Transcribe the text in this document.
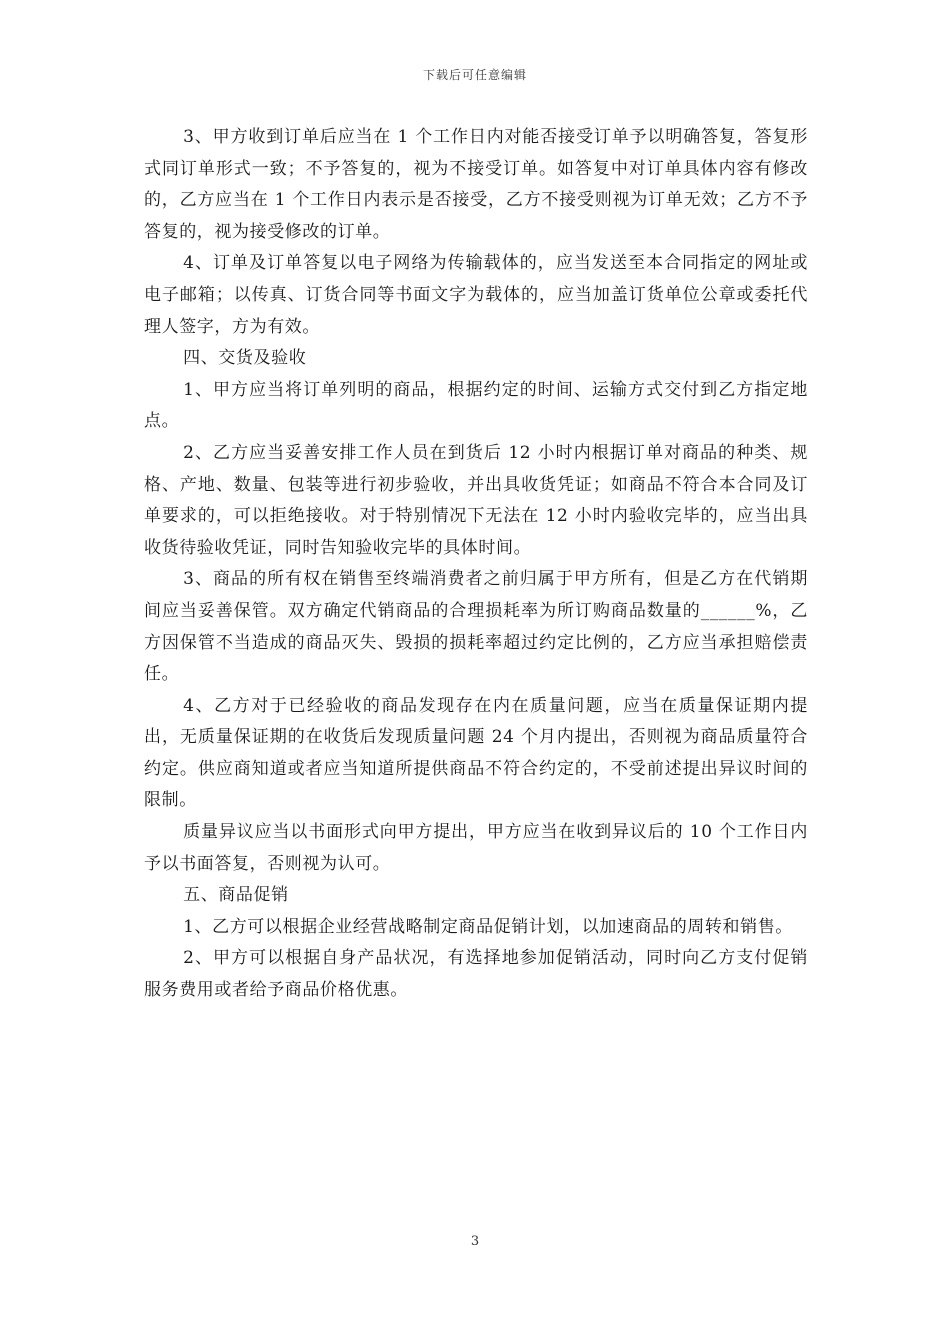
下载后可任意编辑

3、甲方收到订单后应当在 1 个工作日内对能否接受订单予以明确答复，答复形式同订单形式一致；不予答复的，视为不接受订单。如答复中对订单具体内容有修改的，乙方应当在 1 个工作日内表示是否接受，乙方不接受则视为订单无效；乙方不予答复的，视为接受修改的订单。

4、订单及订单答复以电子网络为传输载体的，应当发送至本合同指定的网址或电子邮箱；以传真、订货合同等书面文字为载体的，应当加盖订货单位公章或委托代理人签字，方为有效。

四、交货及验收

1、甲方应当将订单列明的商品，根据约定的时间、运输方式交付到乙方指定地点。

2、乙方应当妥善安排工作人员在到货后 12 小时内根据订单对商品的种类、规格、产地、数量、包装等进行初步验收，并出具收货凭证；如商品不符合本合同及订单要求的，可以拒绝接收。对于特别情况下无法在 12 小时内验收完毕的，应当出具收货待验收凭证，同时告知验收完毕的具体时间。

3、商品的所有权在销售至终端消费者之前归属于甲方所有，但是乙方在代销期间应当妥善保管。双方确定代销商品的合理损耗率为所订购商品数量的______%，乙方因保管不当造成的商品灭失、毁损的损耗率超过约定比例的，乙方应当承担赔偿责任。

4、乙方对于已经验收的商品发现存在内在质量问题，应当在质量保证期内提出，无质量保证期的在收货后发现质量问题 24 个月内提出，否则视为商品质量符合约定。供应商知道或者应当知道所提供商品不符合约定的，不受前述提出异议时间的限制。

质量异议应当以书面形式向甲方提出，甲方应当在收到异议后的 10 个工作日内予以书面答复，否则视为认可。

五、商品促销

1、乙方可以根据企业经营战略制定商品促销计划，以加速商品的周转和销售。

2、甲方可以根据自身产品状况，有选择地参加促销活动，同时向乙方支付促销服务费用或者给予商品价格优惠。

3
